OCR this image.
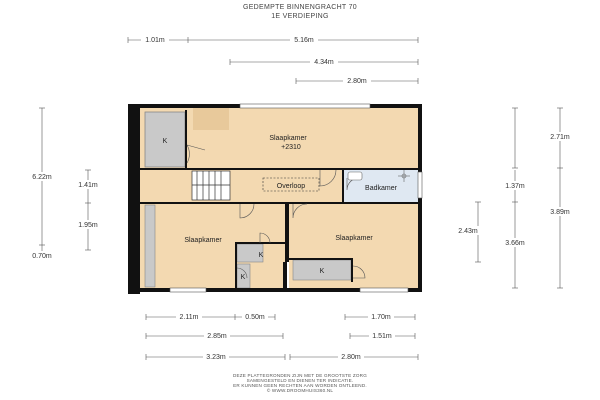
GEDEMPTE BINNENGRACHT 70
1E VERDIEPING
1.01m	5.16m
4.34m
2.80m
6.22m
1.41m
1.95m
0.70m
2.71m
1.37m
3.89m
3.66m
2.43m
Slaapkamer
+2310
Overloop	Badkamer
Slaapkamer	Slaapkamer
K
K
K
K
2.11m	0.50m	1.70m
2.85m	1.51m
3.23m	2.80m
DEZE PLATTEGRONDEN ZIJN MET DE GROOTSTE ZORG
SAMENGESTELD EN DIENEN TER INDICATIE.
ER KUNNEN GEEN RECHTEN AAN WORDEN ONTLEEND.
© WWW.DROOMHUIS360.NL
